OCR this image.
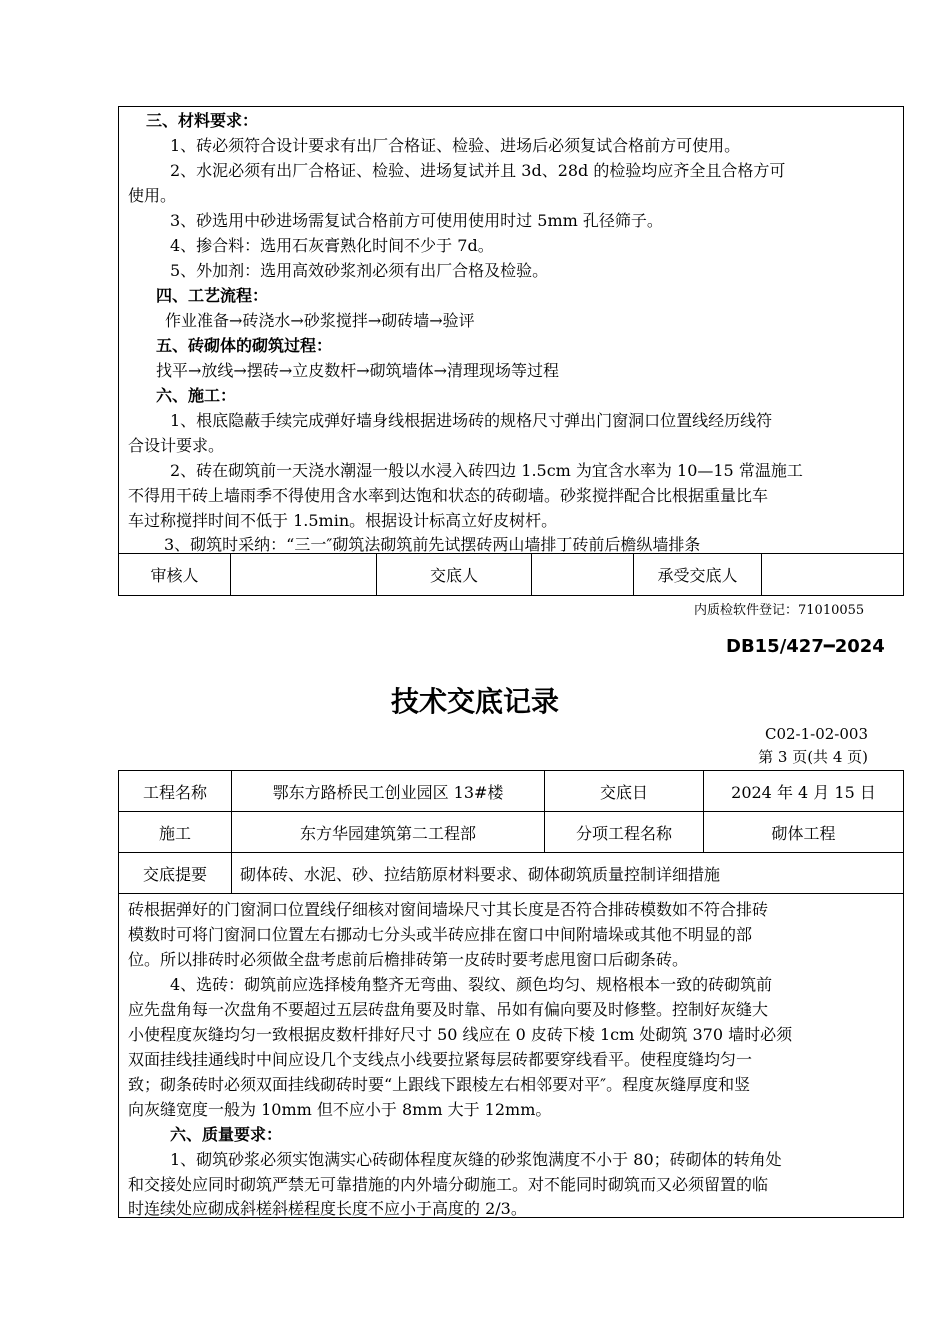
三、材料要求：
1、砖必须符合设计要求有出厂合格证、检验、进场后必须复试合格前方可使用。
2、水泥必须有出厂合格证、检验、进场复试并且 3d、28d 的检验均应齐全且合格方可
使用。
3、砂选用中砂进场需复试合格前方可使用使用时过 5mm 孔径筛子。
4、掺合料：选用石灰膏熟化时间不少于 7d。
5、外加剂：选用高效砂浆剂必须有出厂合格及检验。
四、工艺流程：
作业准备→砖浇水→砂浆搅拌→砌砖墙→验评
五、砖砌体的砌筑过程：
找平→放线→摆砖→立皮数杆→砌筑墙体→清理现场等过程
六、施工：
1、根底隐蔽手续完成弹好墙身线根据进场砖的规格尺寸弹出门窗洞口位置线经历线符
合设计要求。
2、砖在砌筑前一天浇水潮湿一般以水浸入砖四边 1.5cm 为宜含水率为 10—15 常温施工
不得用干砖上墙雨季不得使用含水率到达饱和状态的砖砌墙。砂浆搅拌配合比根据重量比车
车过称搅拌时间不低于 1.5min。根据设计标高立好皮树杆。
3、砌筑时采纳：“三一″砌筑法砌筑前先试摆砖两山墙排丁砖前后檐纵墙排条
审核人	交底人	承受交底人
内质检软件登记：71010055
DB15/427━2024
技术交底记录
C02-1-02-003
第 3 页(共 4 页)
工程名称	鄂东方路桥民工创业园区 13#楼	交底日	2024 年 4 月 15 日
施工	东方华园建筑第二工程部	分项工程名称	砌体工程
交底提要	砌体砖、水泥、砂、拉结筋原材料要求、砌体砌筑质量控制详细措施		
砖根据弹好的门窗洞口位置线仔细核对窗间墙垛尺寸其长度是否符合排砖模数如不符合排砖
模数时可将门窗洞口位置左右挪动七分头或半砖应排在窗口中间附墙垛或其他不明显的部
位。所以排砖时必须做全盘考虑前后檐排砖第一皮砖时要考虑甩窗口后砌条砖。
4、选砖：砌筑前应选择棱角整齐无弯曲、裂纹、颜色均匀、规格根本一致的砖砌筑前
应先盘角每一次盘角不要超过五层砖盘角要及时靠、吊如有偏向要及时修整。控制好灰缝大
小使程度灰缝均匀一致根据皮数杆排好尺寸 50 线应在 0 皮砖下棱 1cm 处砌筑 370 墙时必须
双面挂线挂通线时中间应设几个支线点小线要拉紧每层砖都要穿线看平。使程度缝均匀一
致；砌条砖时必须双面挂线砌砖时要“上跟线下跟棱左右相邻要对平″。程度灰缝厚度和竖
向灰缝宽度一般为 10mm 但不应小于 8mm 大于 12mm。
六、质量要求：
1、砌筑砂浆必须实饱满实心砖砌体程度灰缝的砂浆饱满度不小于 80；砖砌体的转角处
和交接处应同时砌筑严禁无可靠措施的内外墙分砌施工。对不能同时砌筑而又必须留置的临
时连续处应砌成斜槎斜槎程度长度不应小于高度的 2/3。
